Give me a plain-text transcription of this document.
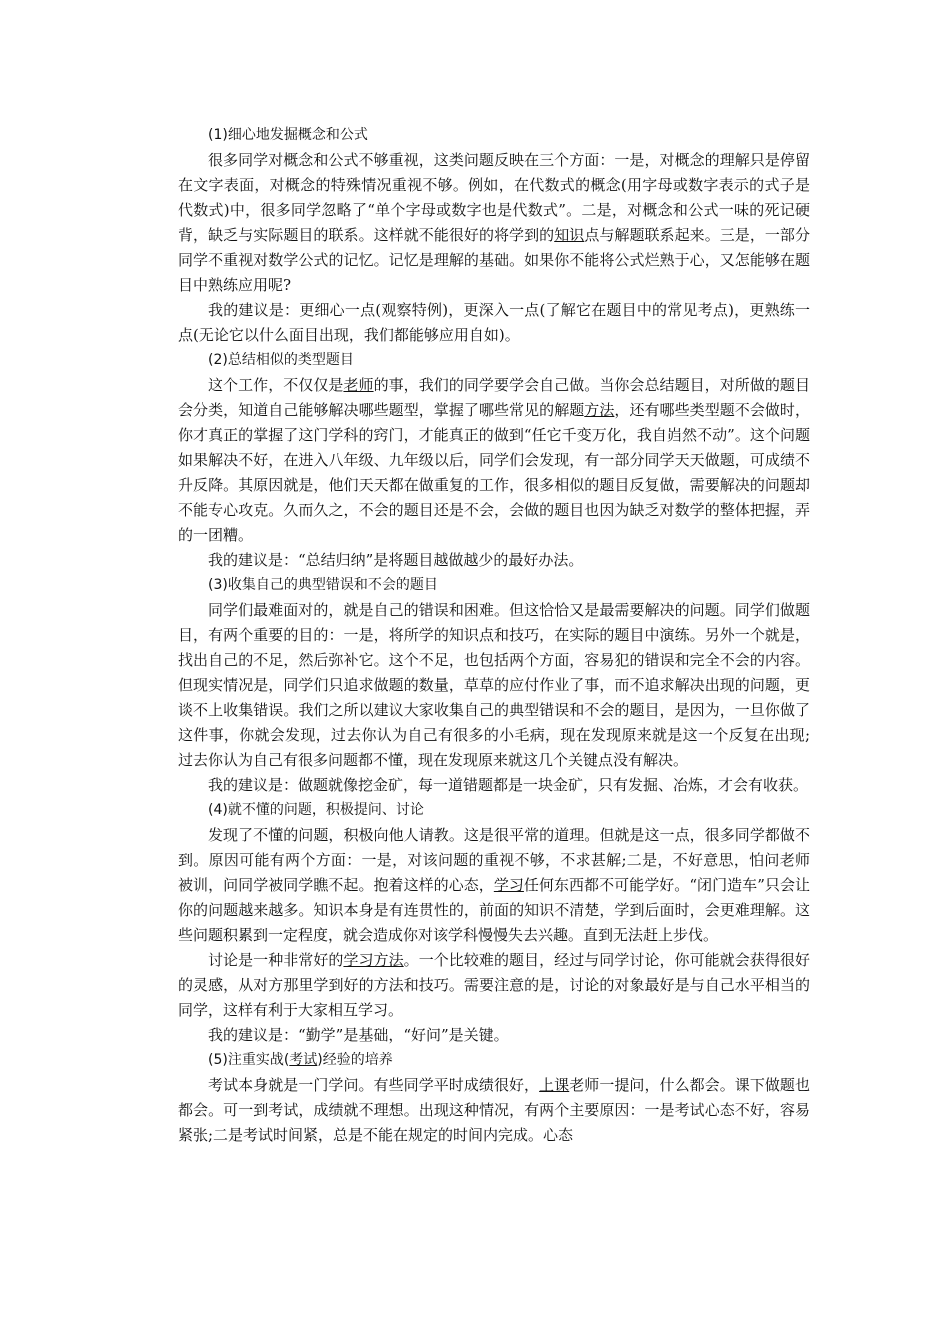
(1)细心地发掘概念和公式

很多同学对概念和公式不够重视，这类问题反映在三个方面：一是，对概念的理解只是停留在文字表面，对概念的特殊情况重视不够。例如，在代数式的概念(用字母或数字表示的式子是代数式)中，很多同学忽略了“单个字母或数字也是代数式”。二是，对概念和公式一味的死记硬背，缺乏与实际题目的联系。这样就不能很好的将学到的知识点与解题联系起来。三是，一部分同学不重视对数学公式的记忆。记忆是理解的基础。如果你不能将公式烂熟于心，又怎能够在题目中熟练应用呢?

我的建议是：更细心一点(观察特例)，更深入一点(了解它在题目中的常见考点)，更熟练一点(无论它以什么面目出现，我们都能够应用自如)。

(2)总结相似的类型题目

这个工作，不仅仅是老师的事，我们的同学要学会自己做。当你会总结题目，对所做的题目会分类，知道自己能够解决哪些题型，掌握了哪些常见的解题方法，还有哪些类型题不会做时，你才真正的掌握了这门学科的窍门，才能真正的做到“任它千变万化，我自岿然不动”。这个问题如果解决不好，在进入八年级、九年级以后，同学们会发现，有一部分同学天天做题，可成绩不升反降。其原因就是，他们天天都在做重复的工作，很多相似的题目反复做，需要解决的问题却不能专心攻克。久而久之，不会的题目还是不会，会做的题目也因为缺乏对数学的整体把握，弄的一团糟。

我的建议是：“总结归纳”是将题目越做越少的最好办法。

(3)收集自己的典型错误和不会的题目

同学们最难面对的，就是自己的错误和困难。但这恰恰又是最需要解决的问题。同学们做题目，有两个重要的目的：一是，将所学的知识点和技巧，在实际的题目中演练。另外一个就是，找出自己的不足，然后弥补它。这个不足，也包括两个方面，容易犯的错误和完全不会的内容。但现实情况是，同学们只追求做题的数量，草草的应付作业了事，而不追求解决出现的问题，更谈不上收集错误。我们之所以建议大家收集自己的典型错误和不会的题目，是因为，一旦你做了这件事，你就会发现，过去你认为自己有很多的小毛病，现在发现原来就是这一个反复在出现;过去你认为自己有很多问题都不懂，现在发现原来就这几个关键点没有解决。

我的建议是：做题就像挖金矿，每一道错题都是一块金矿，只有发掘、冶炼，才会有收获。

(4)就不懂的问题，积极提问、讨论

发现了不懂的问题，积极向他人请教。这是很平常的道理。但就是这一点，很多同学都做不到。原因可能有两个方面：一是，对该问题的重视不够，不求甚解;二是，不好意思，怕问老师被训，问同学被同学瞧不起。抱着这样的心态，学习任何东西都不可能学好。“闭门造车”只会让你的问题越来越多。知识本身是有连贯性的，前面的知识不清楚，学到后面时，会更难理解。这些问题积累到一定程度，就会造成你对该学科慢慢失去兴趣。直到无法赶上步伐。

讨论是一种非常好的学习方法。一个比较难的题目，经过与同学讨论，你可能就会获得很好的灵感，从对方那里学到好的方法和技巧。需要注意的是，讨论的对象最好是与自己水平相当的同学，这样有利于大家相互学习。

我的建议是：“勤学”是基础，“好问”是关键。

(5)注重实战(考试)经验的培养

考试本身就是一门学问。有些同学平时成绩很好，上课老师一提问，什么都会。课下做题也都会。可一到考试，成绩就不理想。出现这种情况，有两个主要原因：一是考试心态不好，容易紧张;二是考试时间紧，总是不能在规定的时间内完成。心态
